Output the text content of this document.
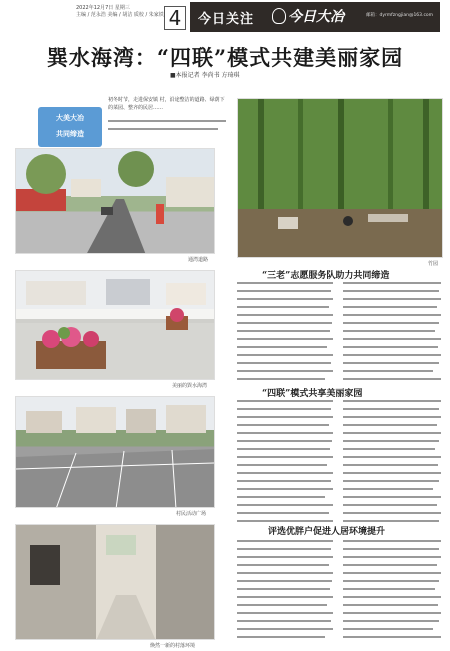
2022年12月7日 星期三
主编 / 范永浩 美编 / 胡洁 质校 / 朱家铁 4	今日关注 今日大冶	邮箱：dyrmfzngjian@163.com
巽水海湾：“四联”模式共建美丽家园
■本报记者 李尚书 方琦琪
大美大冶
共同缔造
初冬时节，走进保安镇 村，沿途整洁的道路、绿荫下的菜园、整齐的民居……
通湾道路
美丽的巽水海湾
村民活动广场
焕然一新的村落环境
竹园
“三老”志愿服务队助力共同缔造
“四联”模式共享美丽家园
评选优胖户促进人居环境提升
